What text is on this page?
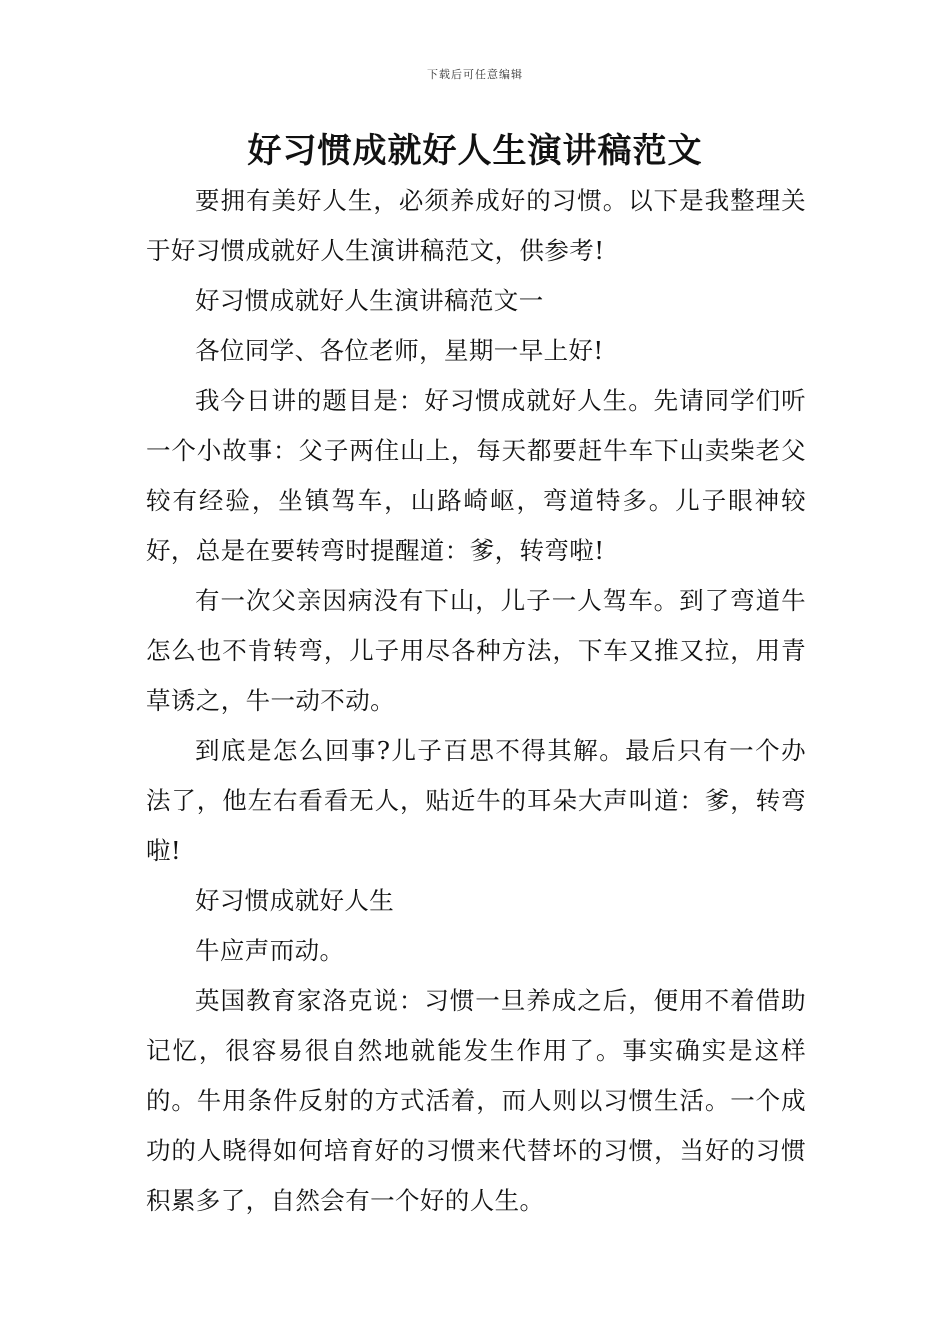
下载后可任意编辑
好习惯成就好人生演讲稿范文

要拥有美好人生，必须养成好的习惯。以下是我整理关于好习惯成就好人生演讲稿范文，供参考!

好习惯成就好人生演讲稿范文一

各位同学、各位老师，星期一早上好!

我今日讲的题目是：好习惯成就好人生。先请同学们听一个小故事：父子两住山上，每天都要赶牛车下山卖柴老父较有经验，坐镇驾车，山路崎岖，弯道特多。儿子眼神较好，总是在要转弯时提醒道：爹，转弯啦!

有一次父亲因病没有下山，儿子一人驾车。到了弯道牛怎么也不肯转弯，儿子用尽各种方法，下车又推又拉，用青草诱之，牛一动不动。

到底是怎么回事?儿子百思不得其解。最后只有一个办法了，他左右看看无人，贴近牛的耳朵大声叫道：爹，转弯啦!

好习惯成就好人生

牛应声而动。

英国教育家洛克说：习惯一旦养成之后，便用不着借助记忆，很容易很自然地就能发生作用了。事实确实是这样的。牛用条件反射的方式活着，而人则以习惯生活。一个成功的人晓得如何培育好的习惯来代替坏的习惯，当好的习惯积累多了，自然会有一个好的人生。
